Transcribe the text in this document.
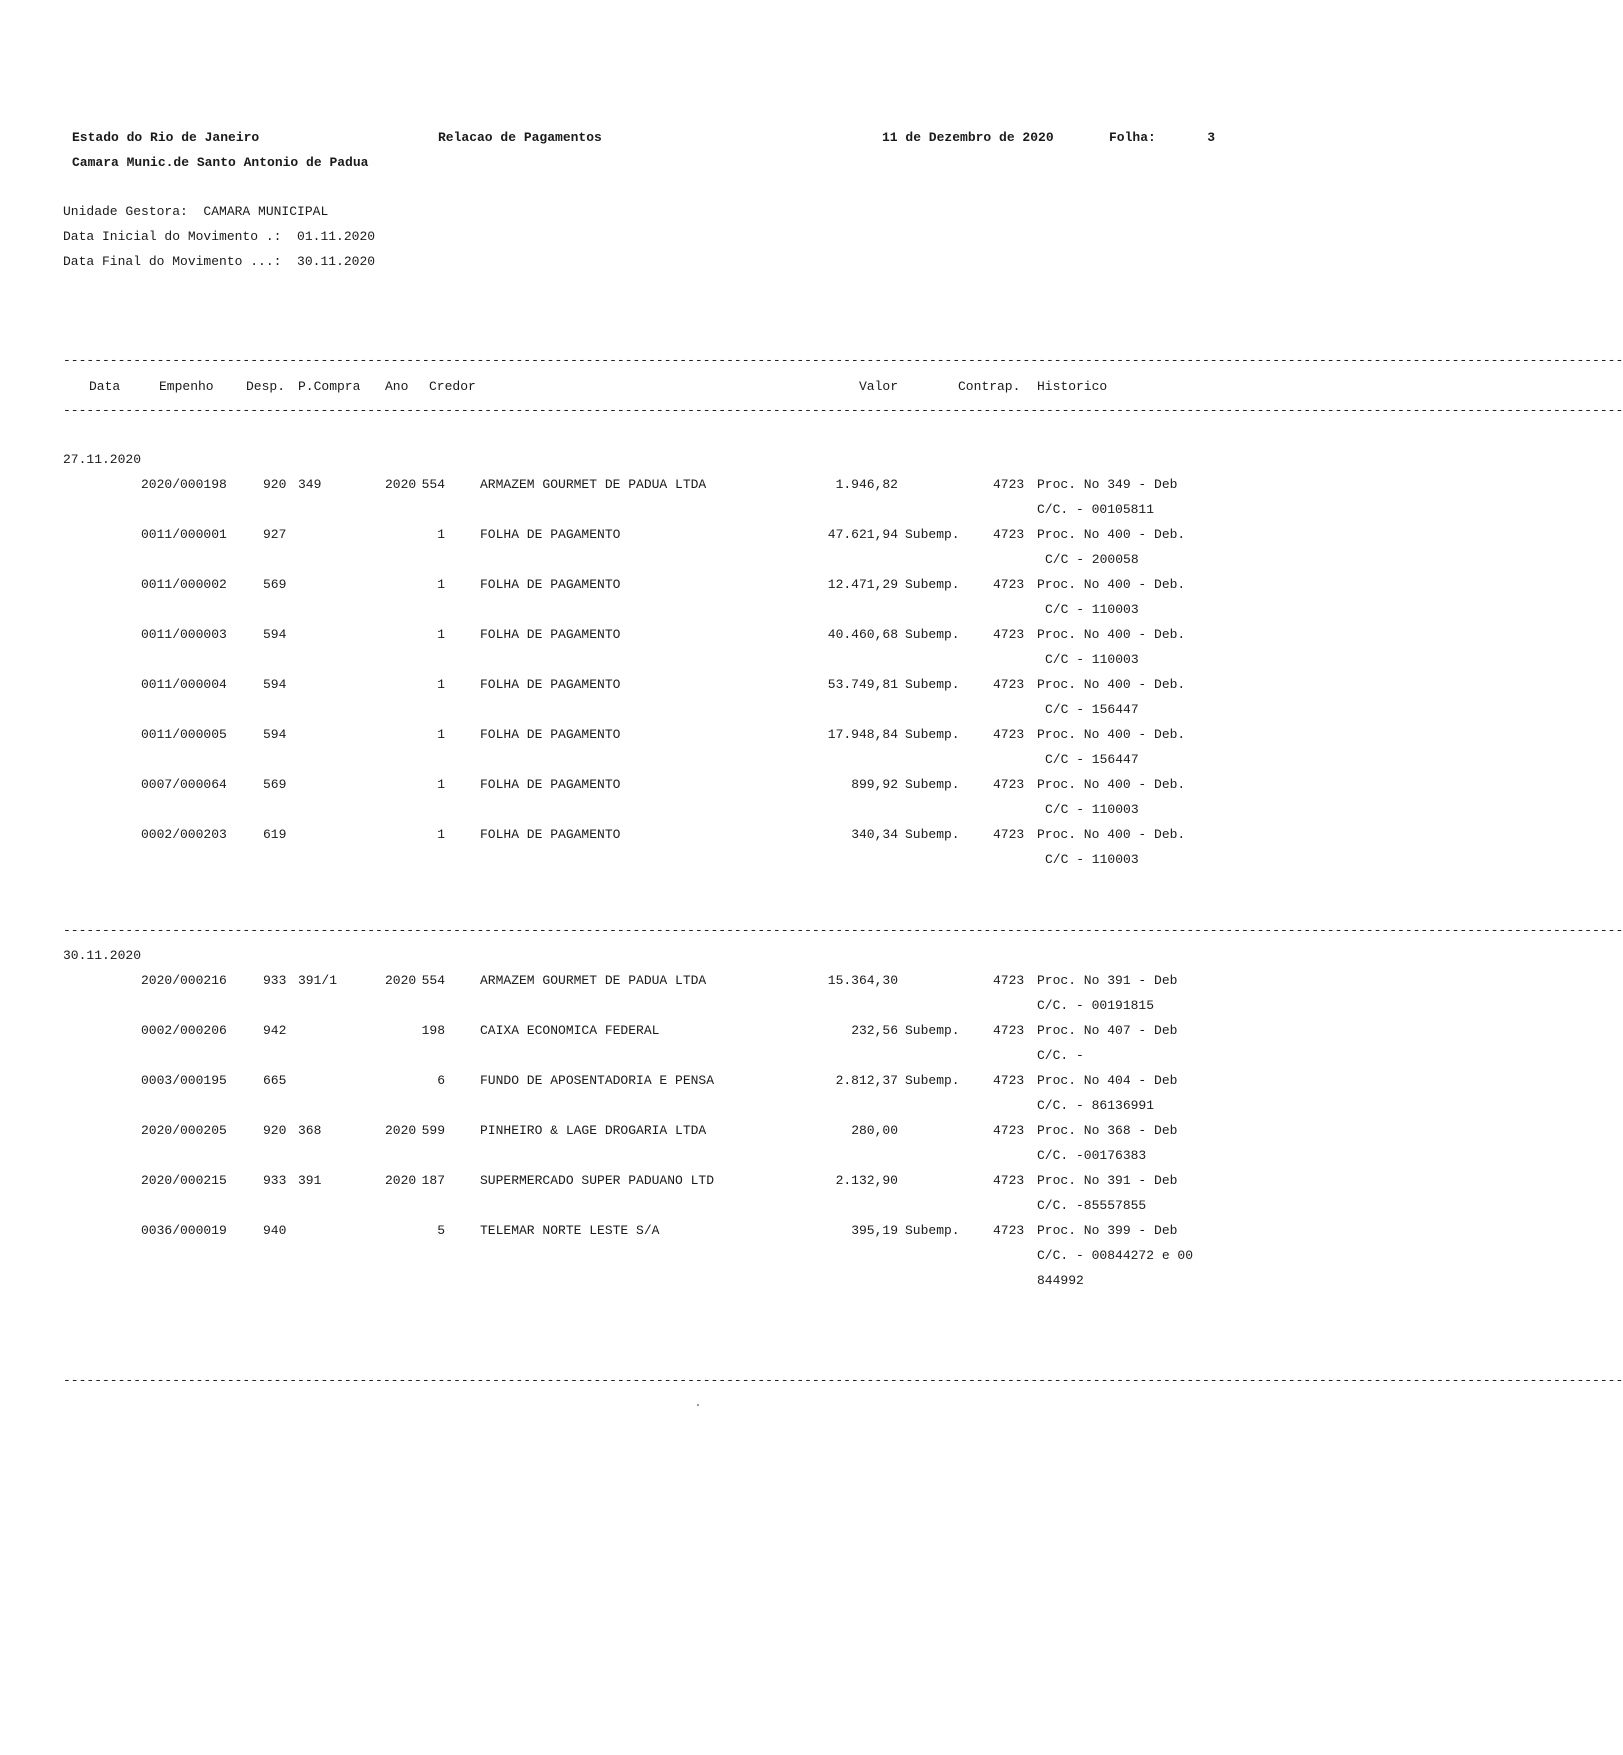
Estado do Rio de Janeiro	Relacao de Pagamentos	11 de Dezembro de 2020	Folha:	3
Camara Munic.de Santo Antonio de Padua
Unidade Gestora:  CAMARA MUNICIPAL
Data Inicial do Movimento .:  01.11.2020
Data Final do Movimento ...:  30.11.2020
--------------------------------------------------------------------------------------------------------------------------------------------------------------------------------------------------------
Data	Empenho Desp. P.Compra Ano Credor	Valor	Contrap. Historico
--------------------------------------------------------------------------------------------------------------------------------------------------------------------------------------------------------
27.11.2020
2020/000198	920 349	2020 554	ARMAZEM GOURMET DE PADUA LTDA	1.946,82	4723 Proc. No 349 - Deb
C/C. - 00105811
0011/000001	927	1	FOLHA DE PAGAMENTO	47.621,94 Subemp.	4723 Proc. No 400 - Deb.
C/C - 200058
0011/000002	569	1	FOLHA DE PAGAMENTO	12.471,29 Subemp.	4723 Proc. No 400 - Deb.
C/C - 110003
0011/000003	594	1	FOLHA DE PAGAMENTO	40.460,68 Subemp.	4723 Proc. No 400 - Deb.
C/C - 110003
0011/000004	594	1	FOLHA DE PAGAMENTO	53.749,81 Subemp.	4723 Proc. No 400 - Deb.
C/C - 156447
0011/000005	594	1	FOLHA DE PAGAMENTO	17.948,84 Subemp.	4723 Proc. No 400 - Deb.
C/C - 156447
0007/000064	569	1	FOLHA DE PAGAMENTO	899,92 Subemp.	4723 Proc. No 400 - Deb.
C/C - 110003
0002/000203	619	1	FOLHA DE PAGAMENTO	340,34 Subemp.	4723 Proc. No 400 - Deb.
C/C - 110003
30.11.2020
2020/000216	933 391/1	2020 554	ARMAZEM GOURMET DE PADUA LTDA	15.364,30	4723 Proc. No 391 - Deb
C/C. - 00191815
0002/000206	942	198	CAIXA ECONOMICA FEDERAL	232,56 Subemp.	4723 Proc. No 407 - Deb
C/C. -
0003/000195	665	6	FUNDO DE APOSENTADORIA E PENSA	2.812,37 Subemp.	4723 Proc. No 404 - Deb
C/C. - 86136991
2020/000205	920 368	2020 599	PINHEIRO & LAGE DROGARIA LTDA	280,00	4723 Proc. No 368 - Deb
C/C. -00176383
2020/000215	933 391	2020 187	SUPERMERCADO SUPER PADUANO LTD	2.132,90	4723 Proc. No 391 - Deb
C/C. -85557855
0036/000019	940	5	TELEMAR NORTE LESTE S/A	395,19 Subemp.	4723 Proc. No 399 - Deb
C/C. - 00844272 e 00
844992
--------------------------------------------------------------------------------------------------------------------------------------------------------------------------------------------------------
--------------------------------------------------------------------------------------------------------------------------------------------------------------------------------------------------------
